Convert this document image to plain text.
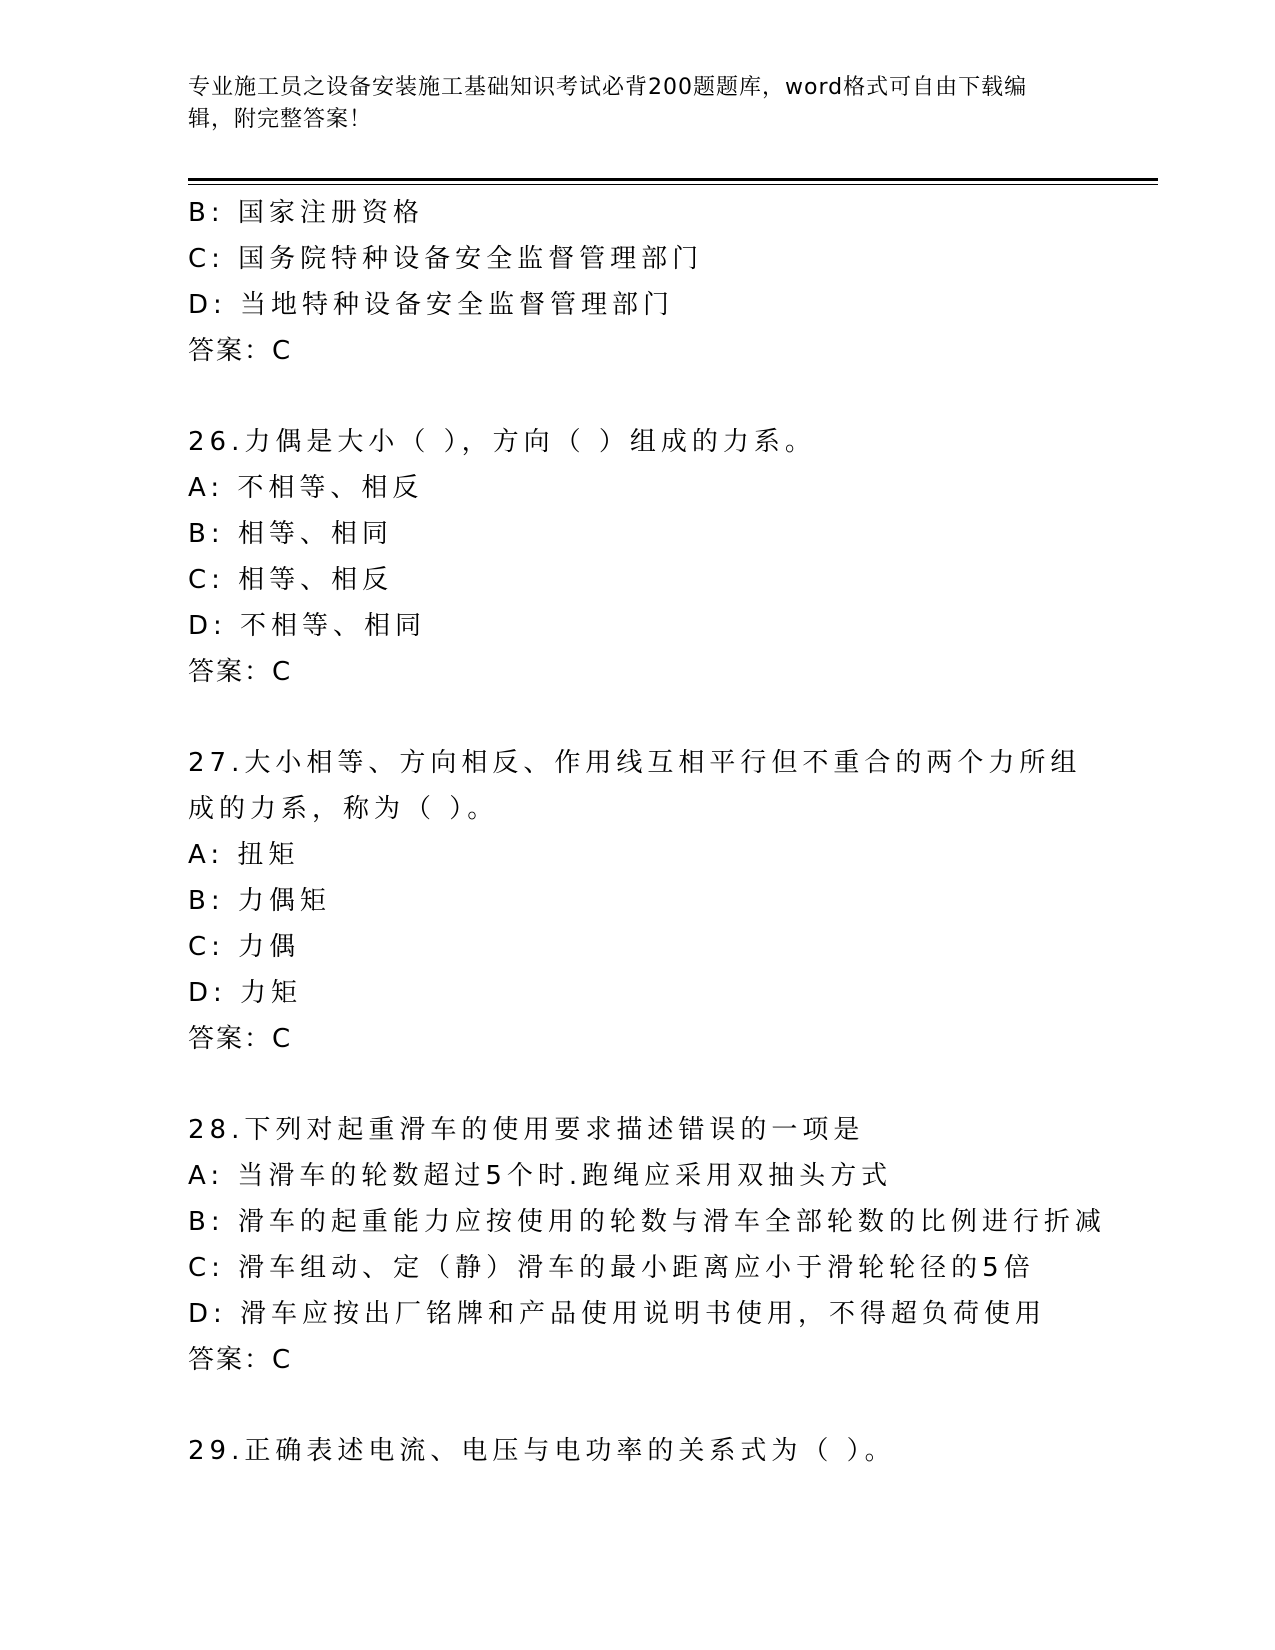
专业施工员之设备安装施工基础知识考试必背200题题库，word格式可自由下载编辑，附完整答案！

B: 国家注册资格

C: 国务院特种设备安全监督管理部门

D: 当地特种设备安全监督管理部门

答案：C

26.力偶是大小（ ），方向（ ）组成的力系。

A: 不相等、相反

B: 相等、相同

C: 相等、相反

D: 不相等、相同

答案：C

27.大小相等、方向相反、作用线互相平行但不重合的两个力所组成的力系，称为（ ）。

A: 扭矩

B: 力偶矩

C: 力偶

D: 力矩

答案：C

28.下列对起重滑车的使用要求描述错误的一项是

A: 当滑车的轮数超过5个时.跑绳应采用双抽头方式

B: 滑车的起重能力应按使用的轮数与滑车全部轮数的比例进行折减

C: 滑车组动、定（静）滑车的最小距离应小于滑轮轮径的5倍

D: 滑车应按出厂铭牌和产品使用说明书使用，不得超负荷使用

答案：C

29.正确表述电流、电压与电功率的关系式为（ ）。
